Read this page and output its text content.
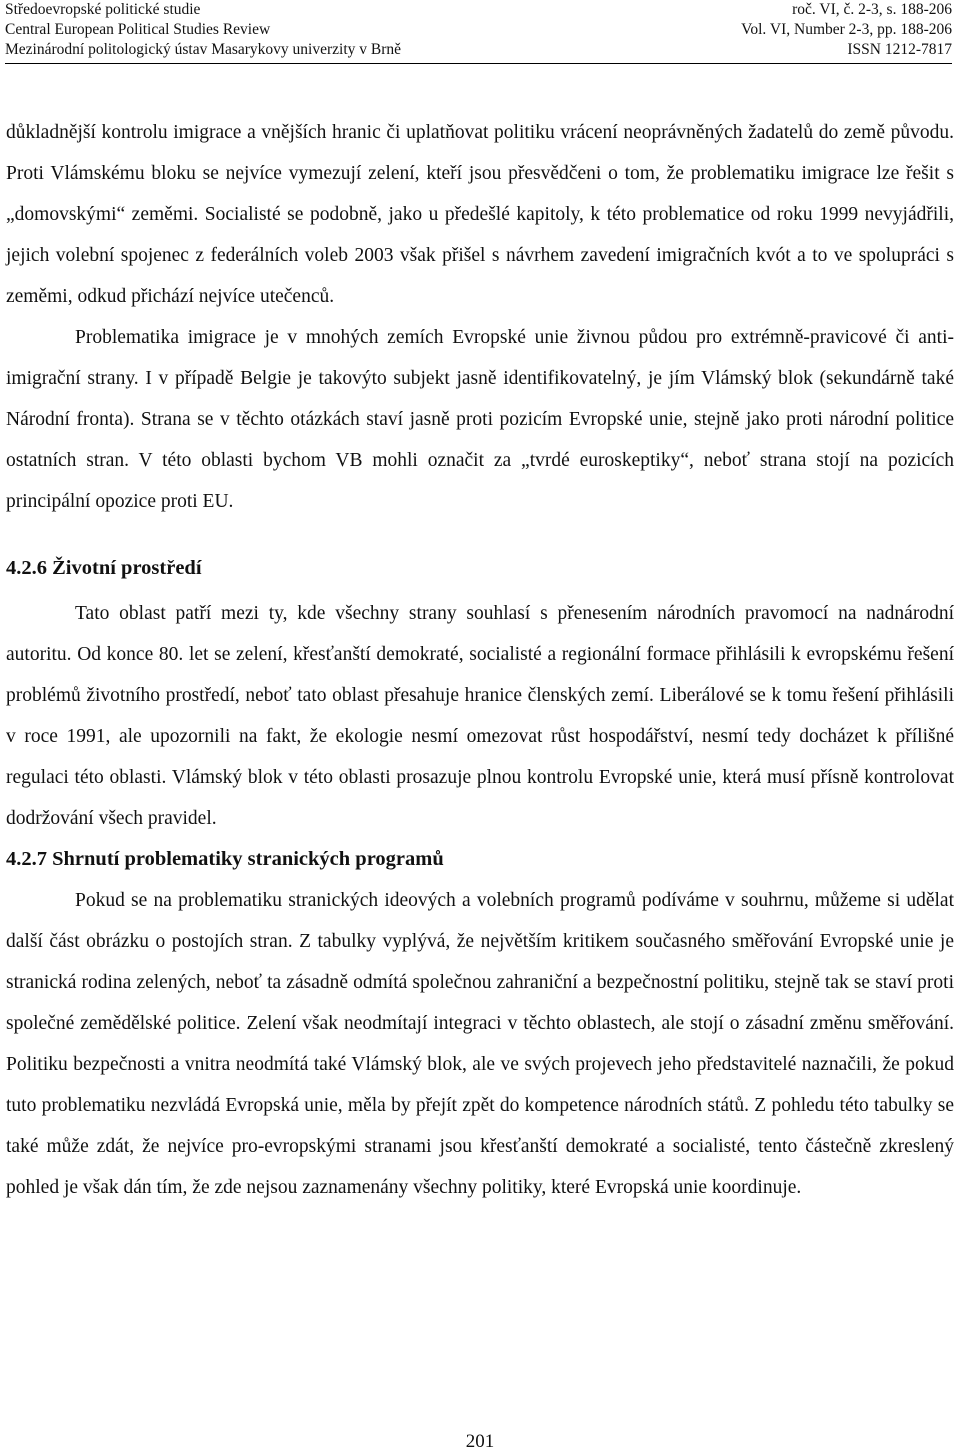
Středoevropské politické studie	roč. VI, č. 2-3, s. 188-206
Central European Political Studies Review	Vol. VI, Number 2-3, pp. 188-206
Mezinárodní politologický ústav Masarykovy univerzity v Brně	ISSN 1212-7817

důkladnější kontrolu imigrace a vnějších hranic či uplatňovat politiku vrácení neoprávněných žadatelů do země původu. Proti Vlámskému bloku se nejvíce vymezují zelení, kteří jsou přesvědčeni o tom, že problematiku imigrace lze řešit s „domovskými“ zeměmi. Socialisté se podobně, jako u předešlé kapitoly, k této problematice od roku 1999 nevyjádřili, jejich volební spojenec z federálních voleb 2003 však přišel s návrhem zavedení imigračních kvót a to ve spolupráci s zeměmi, odkud přichází nejvíce utečenců.

Problematika imigrace je v mnohých zemích Evropské unie živnou půdou pro extrémně-pravicové či anti-imigrační strany. I v případě Belgie je takovýto subjekt jasně identifikovatelný, je jím Vlámský blok (sekundárně také Národní fronta). Strana se v těchto otázkách staví jasně proti pozicím Evropské unie, stejně jako proti národní politice ostatních stran. V této oblasti bychom VB mohli označit za „tvrdé euroskeptiky“, neboť strana stojí na pozicích principální opozice proti EU.

4.2.6 Životní prostředí

Tato oblast patří mezi ty, kde všechny strany souhlasí s přenesením národních pravomocí na nadnárodní autoritu. Od konce 80. let se zelení, křesťanští demokraté, socialisté a regionální formace přihlásili k evropskému řešení problémů životního prostředí, neboť tato oblast přesahuje hranice členských zemí. Liberálové se k tomu řešení přihlásili v roce 1991, ale upozornili na fakt, že ekologie nesmí omezovat růst hospodářství, nesmí tedy docházet k přílišné regulaci této oblasti. Vlámský blok v této oblasti prosazuje plnou kontrolu Evropské unie, která musí přísně kontrolovat dodržování všech pravidel.

4.2.7 Shrnutí problematiky stranických programů

Pokud se na problematiku stranických ideových a volebních programů podíváme v souhrnu, můžeme si udělat další část obrázku o postojích stran. Z tabulky vyplývá, že největším kritikem současného směřování Evropské unie je stranická rodina zelených, neboť ta zásadně odmítá společnou zahraniční a bezpečnostní politiku, stejně tak se staví proti společné zemědělské politice. Zelení však neodmítají integraci v těchto oblastech, ale stojí o zásadní změnu směřování. Politiku bezpečnosti a vnitra neodmítá také Vlámský blok, ale ve svých projevech jeho představitelé naznačili, že pokud tuto problematiku nezvládá Evropská unie, měla by přejít zpět do kompetence národních států. Z pohledu této tabulky se také může zdát, že nejvíce pro-evropskými stranami jsou křesťanští demokraté a socialisté, tento částečně zkreslený pohled je však dán tím, že zde nejsou zaznamenány všechny politiky, které Evropská unie koordinuje.

201
